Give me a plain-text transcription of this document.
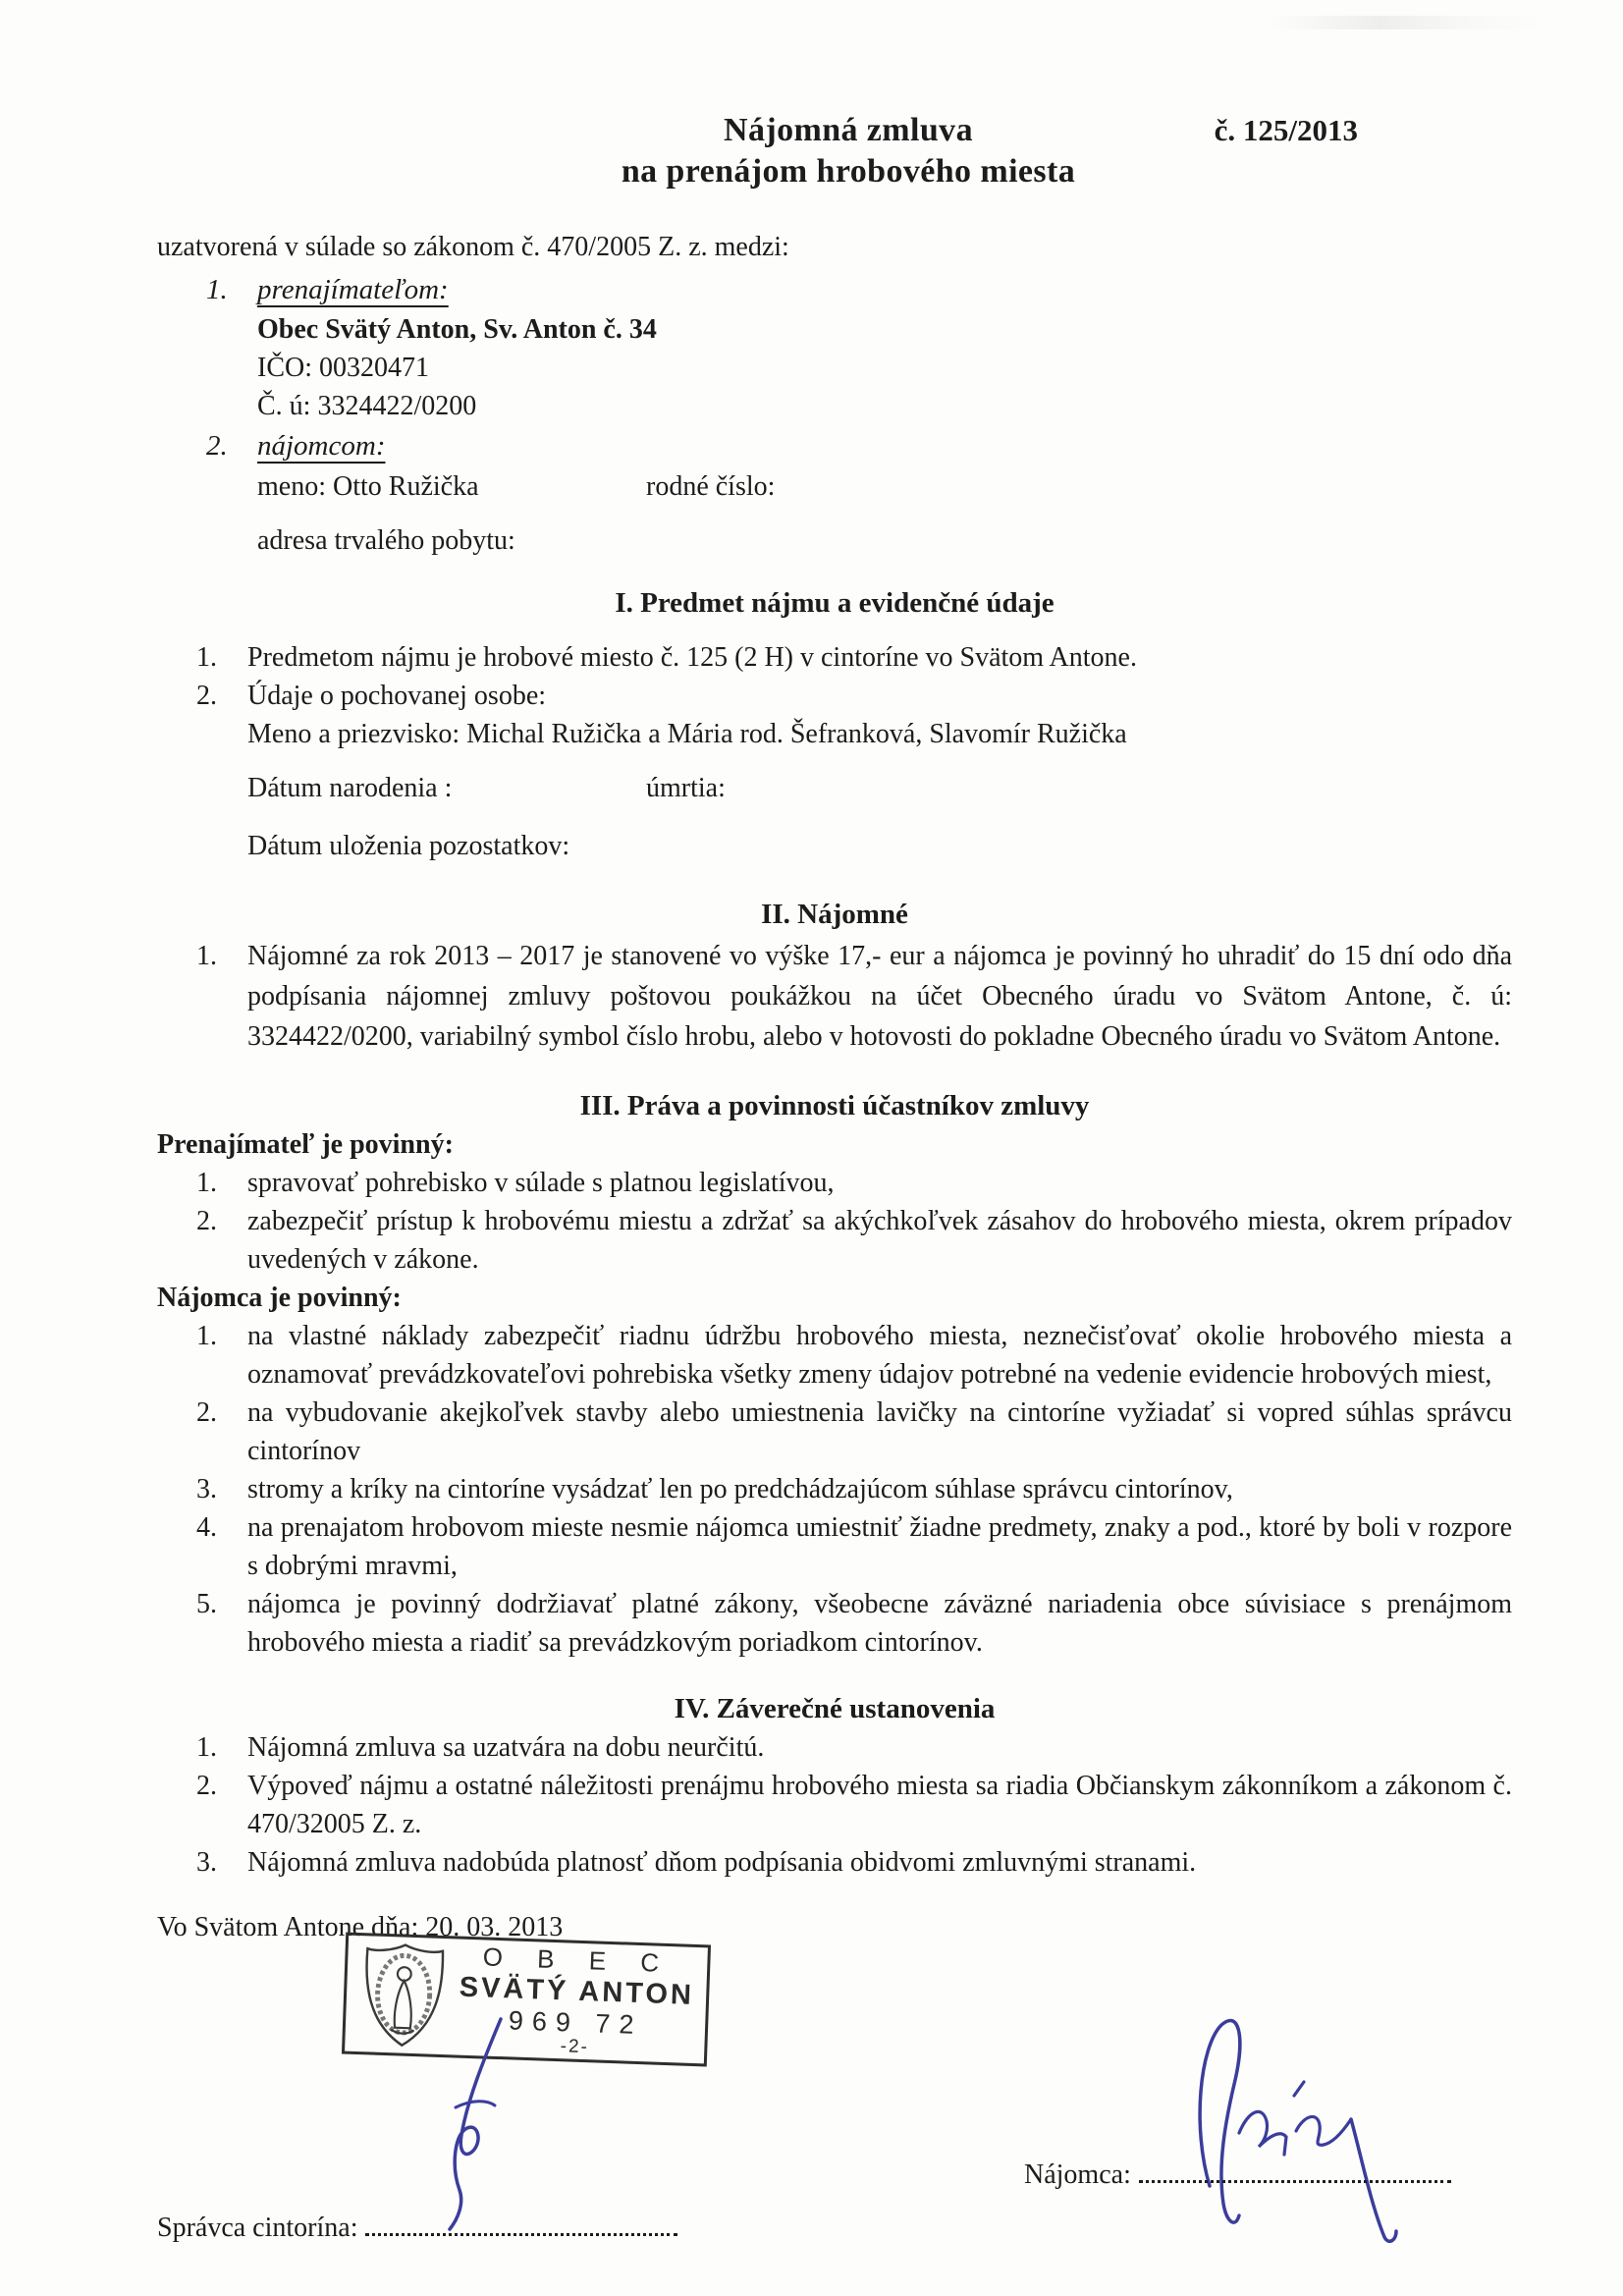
Nájomná zmluva
na prenájom hrobového miesta
č. 125/2013
uzatvorená v súlade so zákonom č. 470/2005 Z. z. medzi:
1.	prenajímateľom:
Obec Svätý Anton, Sv. Anton č. 34
IČO: 00320471
Č. ú: 3324422/0200
2.	nájomcom:
meno: Otto Ružička	rodné číslo:
adresa trvalého pobytu:
I. Predmet nájmu a evidenčné údaje
1.	Predmetom nájmu je hrobové miesto č. 125 (2 H) v cintoríne vo Svätom Antone.
2.	Údaje o pochovanej osobe:
Meno a priezvisko: Michal Ružička a Mária rod. Šefranková, Slavomír Ružička
Dátum narodenia :	úmrtia:
Dátum uloženia pozostatkov:
II. Nájomné
1.	Nájomné za rok 2013 – 2017 je stanovené vo výške 17,- eur a nájomca je povinný ho uhradiť do 15 dní odo dňa podpísania nájomnej zmluvy poštovou poukážkou na účet Obecného úradu vo Svätom Antone, č. ú: 3324422/0200, variabilný symbol číslo hrobu, alebo v hotovosti do pokladne Obecného úradu vo Svätom Antone.
III. Práva a povinnosti účastníkov zmluvy
Prenajímateľ je povinný:
1.	spravovať pohrebisko v súlade s platnou legislatívou,
2.	zabezpečiť prístup k hrobovému miestu a zdržať sa akýchkoľvek zásahov do hrobového miesta, okrem prípadov uvedených v zákone.
Nájomca je povinný:
1.	na vlastné náklady zabezpečiť riadnu údržbu hrobového miesta, neznečisťovať okolie hrobového miesta a oznamovať prevádzkovateľovi pohrebiska všetky zmeny údajov potrebné na vedenie evidencie hrobových miest,
2.	na vybudovanie akejkoľvek stavby alebo umiestnenia lavičky na cintoríne vyžiadať si vopred súhlas správcu cintorínov
3.	stromy a kríky na cintoríne vysádzať len po predchádzajúcom súhlase správcu cintorínov,
4.	na prenajatom hrobovom mieste nesmie nájomca umiestniť žiadne predmety, znaky a pod., ktoré by boli v rozpore s dobrými mravmi,
5.	nájomca je povinný dodržiavať platné zákony, všeobecne záväzné nariadenia obce súvisiace s prenájmom hrobového miesta a riadiť sa prevádzkovým poriadkom cintorínov.
IV. Záverečné ustanovenia
1.	Nájomná zmluva sa uzatvára na dobu neurčitú.
2.	Výpoveď nájmu a ostatné náležitosti prenájmu hrobového miesta sa riadia Občianskym zákonníkom a zákonom č. 470/32005 Z. z.
3.	Nájomná zmluva nadobúda platnosť dňom podpísania obidvomi zmluvnými stranami.
Vo Svätom Antone dňa: 20. 03. 2013
O B E C
SVÄTÝ ANTON
969 72
-2-
Správca cintorína:
Nájomca:
